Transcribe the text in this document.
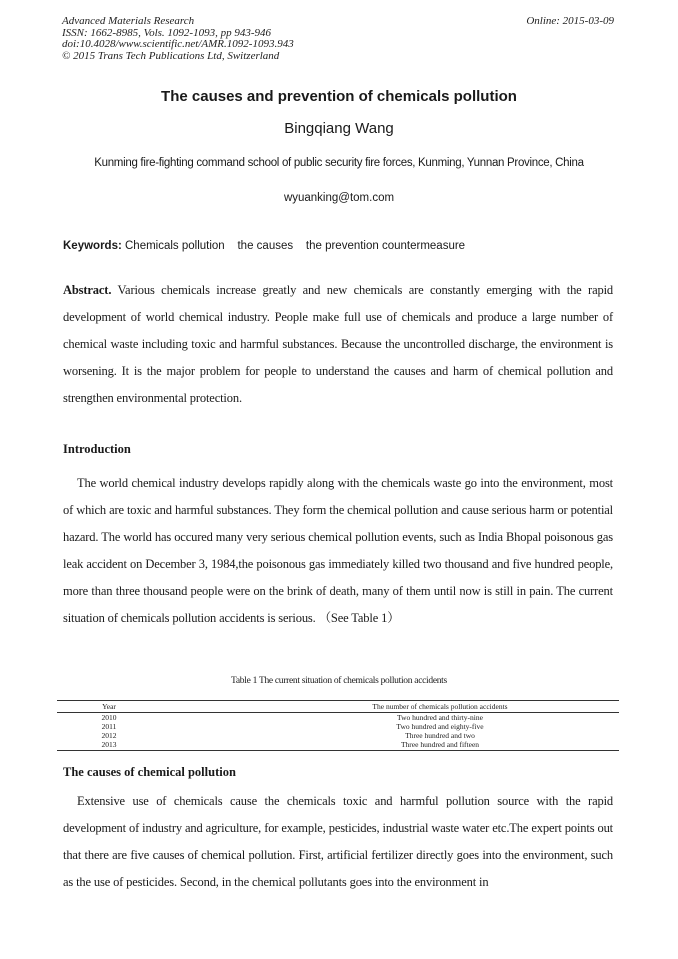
Advanced Materials Research
ISSN: 1662-8985, Vols. 1092-1093, pp 943-946
doi:10.4028/www.scientific.net/AMR.1092-1093.943
© 2015 Trans Tech Publications Ltd, Switzerland
Online: 2015-03-09
The causes and prevention of chemicals pollution
Bingqiang Wang
Kunming fire-fighting command school of public security fire forces, Kunming, Yunnan Province, China
wyuanking@tom.com
Keywords: Chemicals pollution    the causes    the prevention countermeasure

Abstract. Various chemicals increase greatly and new chemicals are constantly emerging with the rapid development of world chemical industry. People make full use of chemicals and produce a large number of chemical waste including toxic and harmful substances. Because the uncontrolled discharge, the environment is worsening. It is the major problem for people to understand the causes and harm of chemical pollution and strengthen environmental protection.

Introduction

The world chemical industry develops rapidly along with the chemicals waste go into the environment, most of which are toxic and harmful substances. They form the chemical pollution and cause serious harm or potential hazard. The world has occured many very serious chemical pollution events, such as India Bhopal poisonous gas leak accident on December 3, 1984,the poisonous gas immediately killed two thousand and five hundred people, more than three thousand people were on the brink of death, many of them until now is still in pain. The current situation of chemicals pollution accidents is serious. （See Table 1）

Table 1 The current situation of chemicals pollution accidents
Year	The number of chemicals pollution accidents
2010	Two hundred and thirty-nine
2011	Two hundred and eighty-five
2012	Three hundred and two
2013	Three hundred and fifteen
The causes of chemical pollution

Extensive use of chemicals cause the chemicals toxic and harmful pollution source with the rapid development of industry and agriculture, for example, pesticides, industrial waste water etc.The expert points out that there are five causes of chemical pollution. First, artificial fertilizer directly goes into the environment, such as the use of pesticides. Second, in the chemical pollutants goes into the environment in
